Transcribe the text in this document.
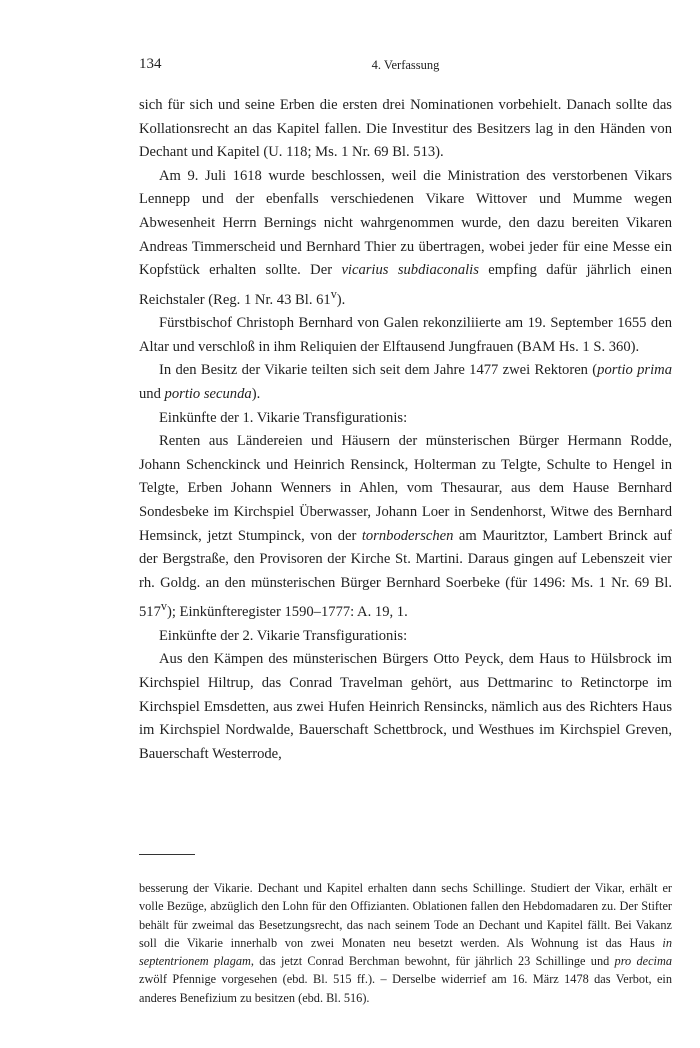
134	4. Verfassung

sich für sich und seine Erben die ersten drei Nominationen vorbehielt. Danach sollte das Kollationsrecht an das Kapitel fallen. Die Investitur des Besitzers lag in den Händen von Dechant und Kapitel (U. 118; Ms. 1 Nr. 69 Bl. 513).

Am 9. Juli 1618 wurde beschlossen, weil die Ministration des verstorbenen Vikars Lennepp und der ebenfalls verschiedenen Vikare Wittover und Mumme wegen Abwesenheit Herrn Bernings nicht wahrgenommen wurde, den dazu bereiten Vikaren Andreas Timmerscheid und Bernhard Thier zu übertragen, wobei jeder für eine Messe ein Kopfstück erhalten sollte. Der vicarius subdiaconalis empfing dafür jährlich einen Reichstaler (Reg. 1 Nr. 43 Bl. 61$^v$).

Fürstbischof Christoph Bernhard von Galen rekonziliierte am 19. September 1655 den Altar und verschloß in ihm Reliquien der Elftausend Jungfrauen (BAM Hs. 1 S. 360).

In den Besitz der Vikarie teilten sich seit dem Jahre 1477 zwei Rektoren (portio prima und portio secunda).

Einkünfte der 1. Vikarie Transfigurationis:

Renten aus Ländereien und Häusern der münsterischen Bürger Hermann Rodde, Johann Schenckinck und Heinrich Rensinck, Holterman zu Telgte, Schulte to Hengel in Telgte, Erben Johann Wenners in Ahlen, vom Thesaurar, aus dem Hause Bernhard Sondesbeke im Kirchspiel Überwasser, Johann Loer in Sendenhorst, Witwe des Bernhard Hemsinck, jetzt Stumpinck, von der tornboderschen am Mauritztor, Lambert Brinck auf der Bergstraße, den Provisoren der Kirche St. Martini. Daraus gingen auf Lebenszeit vier rh. Goldg. an den münsterischen Bürger Bernhard Soerbeke (für 1496: Ms. 1 Nr. 69 Bl. 517$^v$); Einkünfteregister 1590–1777: A. 19, 1.

Einkünfte der 2. Vikarie Transfigurationis:

Aus den Kämpen des münsterischen Bürgers Otto Peyck, dem Haus to Hülsbrock im Kirchspiel Hiltrup, das Conrad Travelman gehört, aus Dettmarinc to Retinctorpe im Kirchspiel Emsdetten, aus zwei Hufen Heinrich Rensincks, nämlich aus des Richters Haus im Kirchspiel Nordwalde, Bauerschaft Schettbrock, und Westhues im Kirchspiel Greven, Bauerschaft Westerrode,

besserung der Vikarie. Dechant und Kapitel erhalten dann sechs Schillinge. Studiert der Vikar, erhält er volle Bezüge, abzüglich den Lohn für den Offizianten. Oblationen fallen den Hebdomadaren zu. Der Stifter behält für zweimal das Besetzungsrecht, das nach seinem Tode an Dechant und Kapitel fällt. Bei Vakanz soll die Vikarie innerhalb von zwei Monaten neu besetzt werden. Als Wohnung ist das Haus in septentrionem plagam, das jetzt Conrad Berchman bewohnt, für jährlich 23 Schillinge und pro decima zwölf Pfennige vorgesehen (ebd. Bl. 515 ff.). – Derselbe widerrief am 16. März 1478 das Verbot, ein anderes Benefizium zu besitzen (ebd. Bl. 516).
